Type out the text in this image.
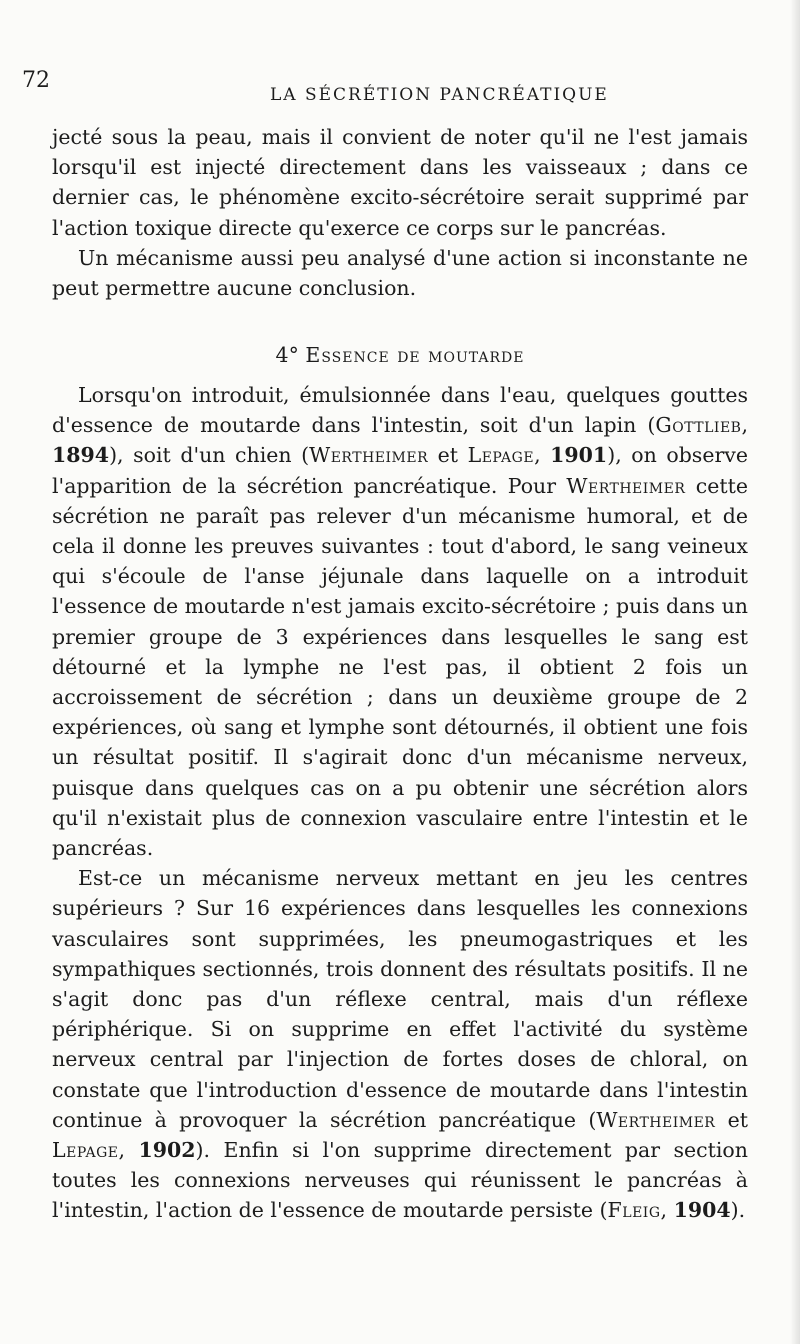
72
LA SÉCRÉTION PANCRÉATIQUE

jecté sous la peau, mais il convient de noter qu'il ne l'est jamais lorsqu'il est injecté directement dans les vaisseaux ; dans ce dernier cas, le phénomène excito-sécrétoire serait supprimé par l'action toxique directe qu'exerce ce corps sur le pancréas.

Un mécanisme aussi peu analysé d'une action si inconstante ne peut permettre aucune conclusion.

4° Essence de moutarde

Lorsqu'on introduit, émulsionnée dans l'eau, quelques gouttes d'essence de moutarde dans l'intestin, soit d'un lapin (Gottlieb, 1894), soit d'un chien (Wertheimer et Lepage, 1901), on observe l'apparition de la sécrétion pancréatique. Pour Wertheimer cette sécrétion ne paraît pas relever d'un mécanisme humoral, et de cela il donne les preuves suivantes : tout d'abord, le sang veineux qui s'écoule de l'anse jéjunale dans laquelle on a introduit l'essence de moutarde n'est jamais excito-sécrétoire ; puis dans un premier groupe de 3 expériences dans lesquelles le sang est détourné et la lymphe ne l'est pas, il obtient 2 fois un accroissement de sécrétion ; dans un deuxième groupe de 2 expériences, où sang et lymphe sont détournés, il obtient une fois un résultat positif. Il s'agirait donc d'un mécanisme nerveux, puisque dans quelques cas on a pu obtenir une sécrétion alors qu'il n'existait plus de connexion vasculaire entre l'intestin et le pancréas.

Est-ce un mécanisme nerveux mettant en jeu les centres supérieurs ? Sur 16 expériences dans lesquelles les connexions vasculaires sont supprimées, les pneumogastriques et les sympathiques sectionnés, trois donnent des résultats positifs. Il ne s'agit donc pas d'un réflexe central, mais d'un réflexe périphérique. Si on supprime en effet l'activité du système nerveux central par l'injection de fortes doses de chloral, on constate que l'introduction d'essence de moutarde dans l'intestin continue à provoquer la sécrétion pancréatique (Wertheimer et Lepage, 1902). Enfin si l'on supprime directement par section toutes les connexions nerveuses qui réunissent le pancréas à l'intestin, l'action de l'essence de moutarde persiste (Fleig, 1904).
